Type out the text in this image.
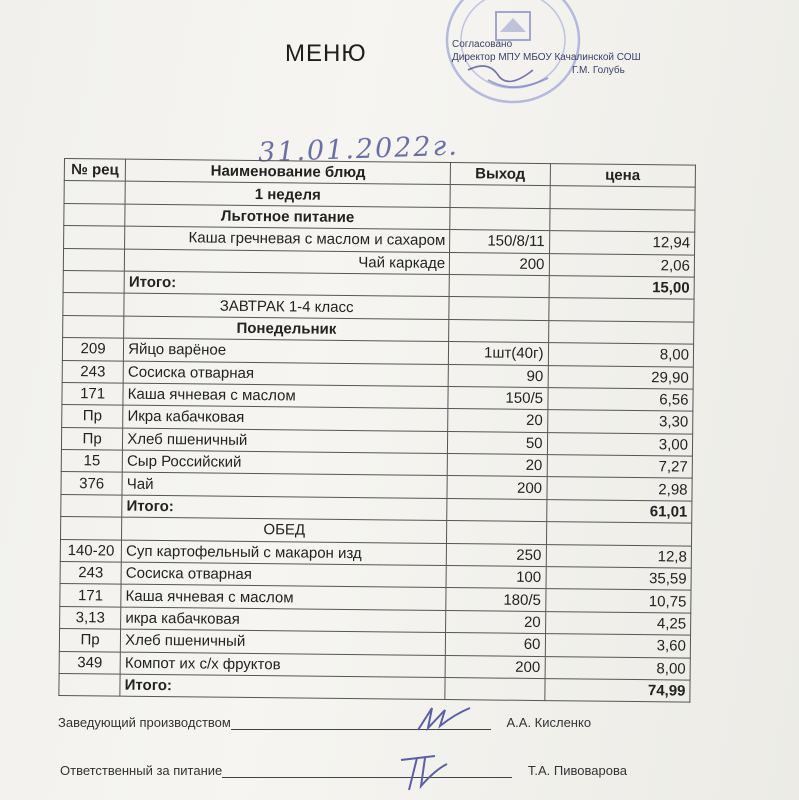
МЕНЮ	Согласовано
Директор МПУ МБОУ Качалинской СОШ
Г.М. Голубь
31.01.2022г.
№ рец	Наименование блюд	Выход	цена
	1 неделя		
	Льготное питание		
	Каша гречневая с маслом и сахаром	150/8/11	12,94
	Чай каркаде	200	2,06
	Итого:		15,00
	ЗАВТРАК 1-4 класс		
	Понедельник		
209	Яйцо варёное	1шт(40г)	8,00
243	Сосиска отварная	90	29,90
171	Каша ячневая с маслом	150/5	6,56
Пр	Икра кабачковая	20	3,30
Пр	Хлеб пшеничный	50	3,00
15	Сыр Российский	20	7,27
376	Чай	200	2,98
	Итого:		61,01
	ОБЕД		
140-20	Суп картофельный с макарон изд	250	12,8
243	Сосиска отварная	100	35,59
171	Каша ячневая с маслом	180/5	10,75
3,13	икра кабачковая	20	4,25
Пр	Хлеб пшеничный	60	3,60
349	Компот их с/х фруктов	200	8,00
	Итого:		74,99
Заведующий производством	А.А. Кисленко
Ответственный за питание	Т.А. Пивоварова
